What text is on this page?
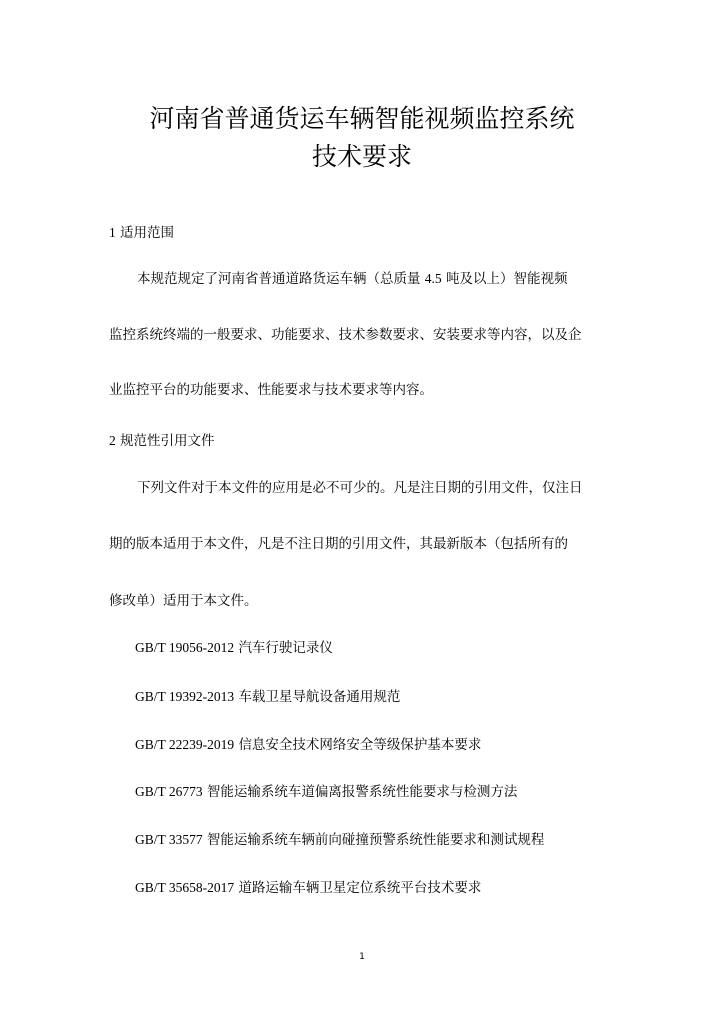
河南省普通货运车辆智能视频监控系统
技术要求
1 适用范围
本规范规定了河南省普通道路货运车辆（总质量 4.5 吨及以上）智能视频
监控系统终端的一般要求、功能要求、技术参数要求、安装要求等内容，以及企
业监控平台的功能要求、性能要求与技术要求等内容。
2 规范性引用文件
下列文件对于本文件的应用是必不可少的。凡是注日期的引用文件，仅注日
期的版本适用于本文件，凡是不注日期的引用文件，其最新版本（包括所有的
修改单）适用于本文件。
GB/T 19056-2012 汽车行驶记录仪
GB/T 19392-2013 车载卫星导航设备通用规范
GB/T 22239-2019 信息安全技术网络安全等级保护基本要求
GB/T 26773 智能运输系统车道偏离报警系统性能要求与检测方法
GB/T 33577 智能运输系统车辆前向碰撞预警系统性能要求和测试规程
GB/T 35658-2017 道路运输车辆卫星定位系统平台技术要求
1
